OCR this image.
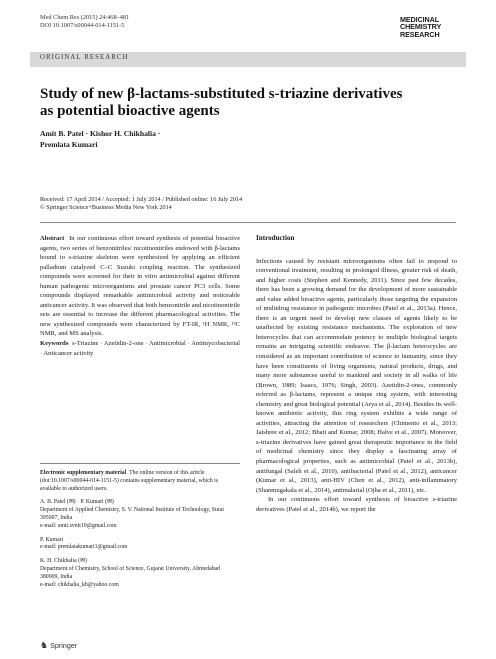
Med Chem Res (2015) 24:468–481
DOI 10.1007/s00044-014-1151-5
MEDICINAL
CHEMISTRY
RESEARCH
ORIGINAL RESEARCH
Study of new β-lactams-substituted s-triazine derivatives
as potential bioactive agents
Amit B. Patel · Kishor H. Chikhalia ·
Premlata Kumari
Received: 17 April 2014 / Accepted: 1 July 2014 / Published online: 16 July 2014
© Springer Science+Business Media New York 2014

Abstract In our continuous effort toward synthesis of potential bioactive agents, two series of benzonitriles/ nicotinonitriles endowed with β-lactams bound to s-triazine skeleton were synthesized by applying an efficient palladium catalyzed C–C Suzuki coupling reaction. The synthesized compounds were screened for their in vitro antimicrobial against different human pathogenic microorganisms and prostate cancer PC3 cells. Some compounds displayed remarkable antimicrobial activity and noticeable anticancer activity. It was observed that both benzonitrile and nicotinonitrile sets are essential to increase the different pharmacological activities. The new synthesized compounds were characterized by FT-IR, ¹H NMR, ¹³C NMR, and MS analysis.

Keywords s-Triazine · Azetidin-2-one · Antimicrobial · Antimycobacterial · Anticancer activity

Electronic supplementary material The online version of this article (doi:10.1007/s00044-014-1151-5) contains supplementary material, which is available to authorized users.

A. B. Patel (✉) · P. Kumari (✉)
Department of Applied Chemistry, S. V. National Institute of Technology, Surat 395007, India
e-mail: amit.svnit10@gmail.com

P. Kumari
e-mail: premlatakumari1@gmail.com

K. H. Chikhalia (✉)
Department of Chemistry, School of Science, Gujarat University, Ahmedabad 380009, India
e-mail: chikhalia_kh@yahoo.com

Introduction

Infections caused by resistant microorganisms often fail to respond to conventional treatment, resulting in prolonged illness, greater risk of death, and higher costs (Stephen and Kennedy, 2011). Since past few decades, there has been a growing demand for the development of more sustainable and value added bioactive agents, particularly those targeting the expansion of multidrug resistance in pathogenic microbes (Patel et al., 2013a). Hence, there is an urgent need to develop new classes of agents likely to be unaffected by existing resistance mechanisms. The exploration of new heterocycles that can accommodate potency to multiple biological targets remains an intriguing scientific endeavor. The β-lactam heterocycles are considered as an important contribution of science to humanity, since they have been constituents of living organisms, natural products, drugs, and many more substances useful to mankind and society in all walks of life (Brown, 1989; Isaacs, 1976; Singh, 2003). Azetidin-2-ones, commonly referred as β-lactams, represent a unique ring system, with interesting chemistry and great biological potential (Arya et al., 2014). Besides its well-known antibiotic activity, this ring system exhibits a wide range of activities, attracting the attention of researchers (Chimento et al., 2013; Jaishree et al., 2012; Bhati and Kumar, 2008; Halve et al., 2007). Moreover, s-triazine derivatives have gained great therapeutic importance in the field of medicinal chemistry since they display a fascinating array of pharmacological properties, such as antimicrobial (Patel et al., 2013b), antifungal (Saleh et al., 2010), antibacterial (Patel et al., 2012), anticancer (Kumar et al., 2013), anti-HIV (Chen et al., 2012), anti-inflammatory (Shanmugakala et al., 2014), antimalarial (Ojha et al., 2011), etc.

In our continuous effort toward synthesis of bioactive s-triazine derivatives (Patel et al., 2014b), we report the

♞ Springer
